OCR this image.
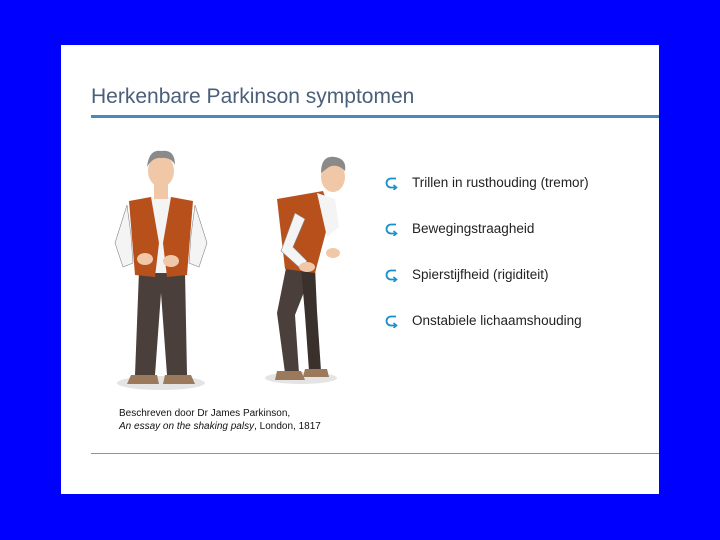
Herkenbare Parkinson symptomen
Beschreven door Dr James Parkinson,
An essay on the shaking palsy, London, 1817
Trillen in rusthouding (tremor)
Bewegingstraagheid
Spierstijfheid (rigiditeit)
Onstabiele lichaamshouding
